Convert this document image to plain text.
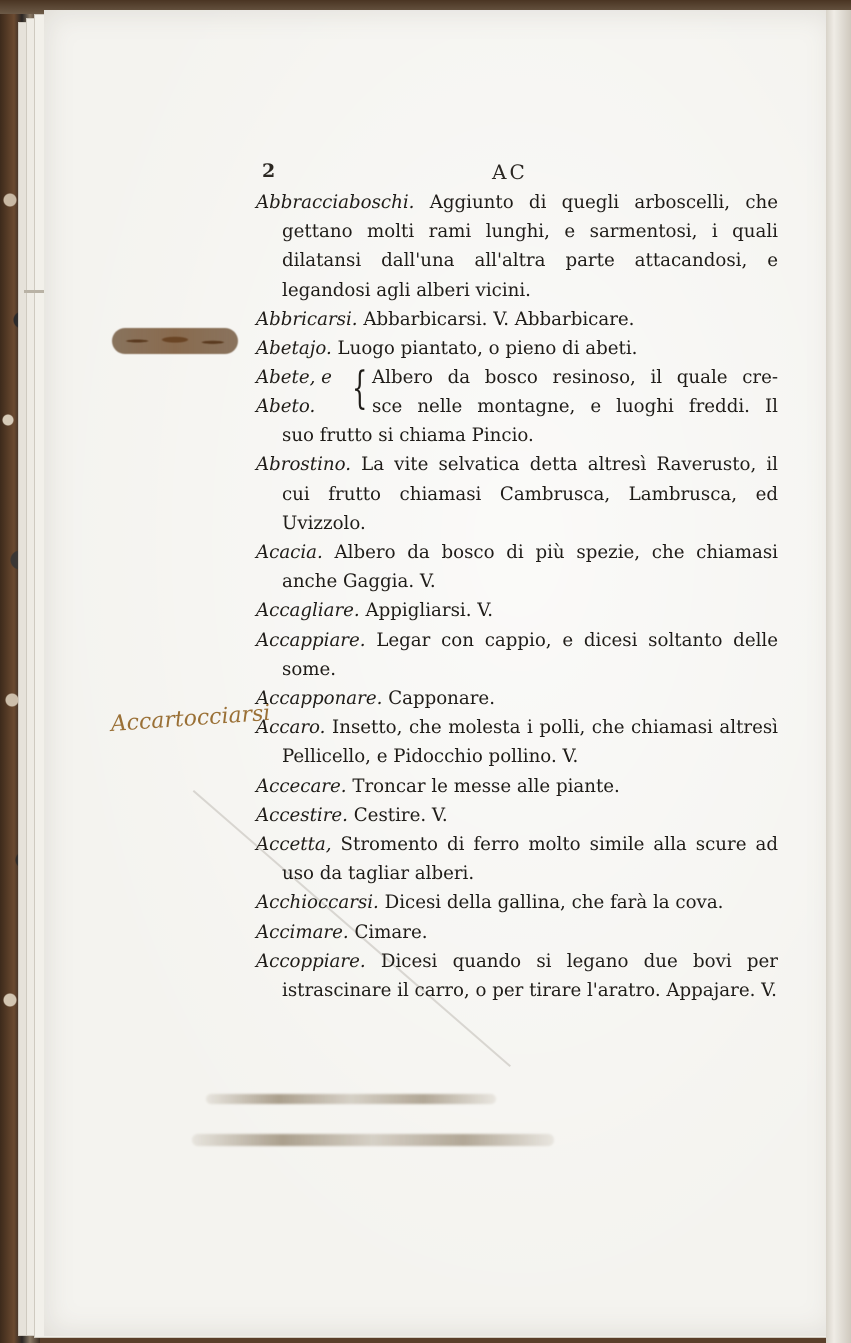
2	AC
Accartocciarsi

Abbracciaboschi. Aggiunto di quegli arboscelli, che gettano molti rami lunghi, e sarmentosi, i quali dilatansi dall'una all'altra parte attacandosi, e legandosi agli alberi vicini.

Abbricarsi. Abbarbicarsi. V. Abbarbicare.

Abetajo. Luogo piantato, o pieno di abeti.

Abete, e
Abeto. { Albero da bosco resinoso, il quale cre-
sce nelle montagne, e luoghi freddi. Il

suo frutto si chiama Pincio.

Abrostino. La vite selvatica detta altresì Raverusto, il cui frutto chiamasi Cambrusca, Lambrusca, ed Uvizzolo.

Acacia. Albero da bosco di più spezie, che chiamasi anche Gaggia. V.

Accagliare. Appigliarsi. V.

Accappiare. Legar con cappio, e dicesi soltanto delle some.

Accapponare. Capponare.

Accaro. Insetto, che molesta i polli, che chiamasi altresì Pellicello, e Pidocchio pollino. V.

Accecare. Troncar le messe alle piante.

Accestire. Cestire. V.

Accetta, Stromento di ferro molto simile alla scure ad uso da tagliar alberi.

Acchioccarsi. Dicesi della gallina, che farà la cova.

Accimare. Cimare.

Accoppiare. Dicesi quando si legano due bovi per istrascinare il carro, o per tirare l'aratro. Appajare. V.
